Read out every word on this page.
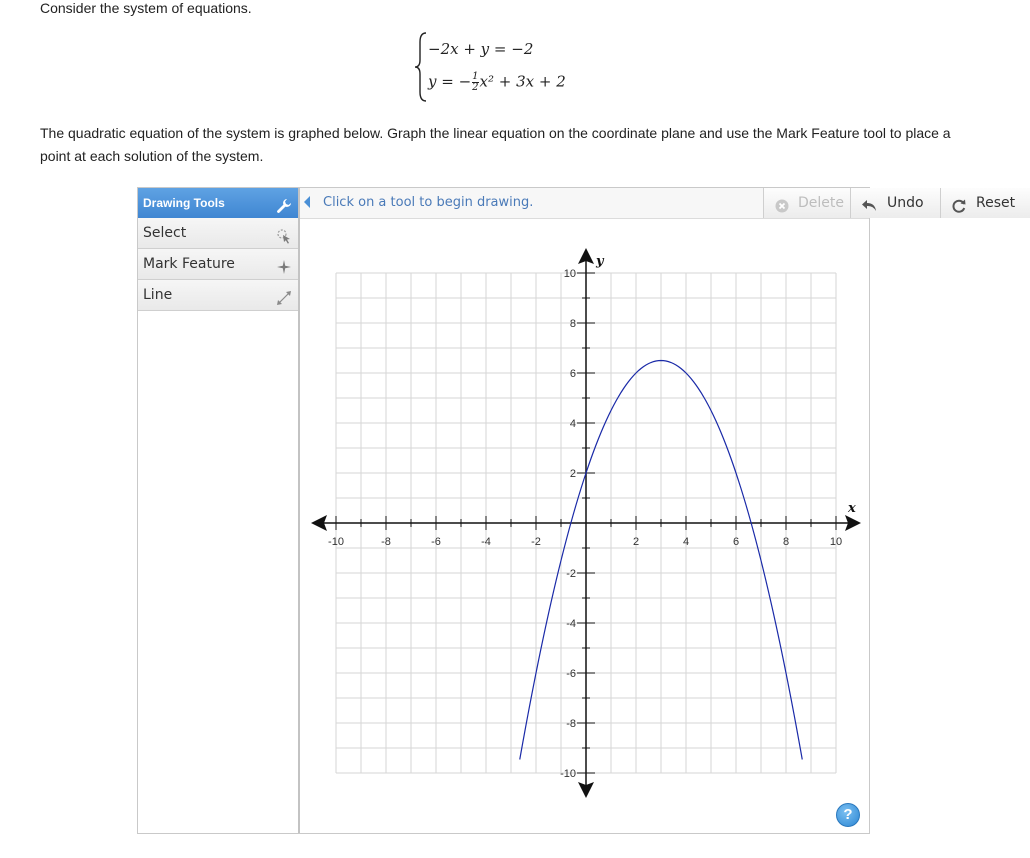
Consider the system of equations.
−2x + y = −2
y = − $\frac{1}{2} x^2 + 3x + 2$
The quadratic equation of the system is graphed below. Graph the linear equation on the coordinate plane and use the Mark Feature tool to place a point at each solution of the system.
Drawing Tools
Select
Mark Feature
Line
Delete	Undo	Reset
Click on a tool to begin drawing.
-10	-8	-6	-4	-2	2	4	6	8	10
10
8
6
4
2
-2
-4
-6
-8
-10
x
y
?
